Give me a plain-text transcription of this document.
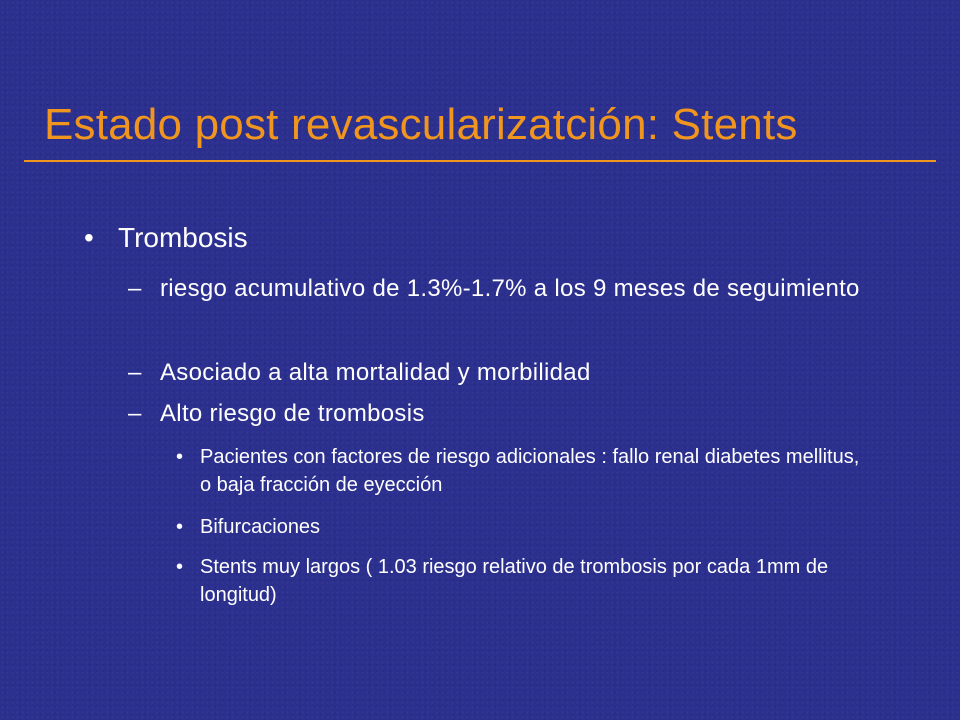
Estado post revascularizatción: Stents
• Trombosis
– riesgo acumulativo de 1.3%-1.7% a los 9 meses de seguimiento
– Asociado a alta mortalidad y morbilidad
– Alto riesgo de trombosis
• Pacientes con factores de riesgo adicionales : fallo renal diabetes mellitus, o baja fracción de eyección
• Bifurcaciones
• Stents muy largos ( 1.03 riesgo relativo de trombosis por cada 1mm de longitud)
